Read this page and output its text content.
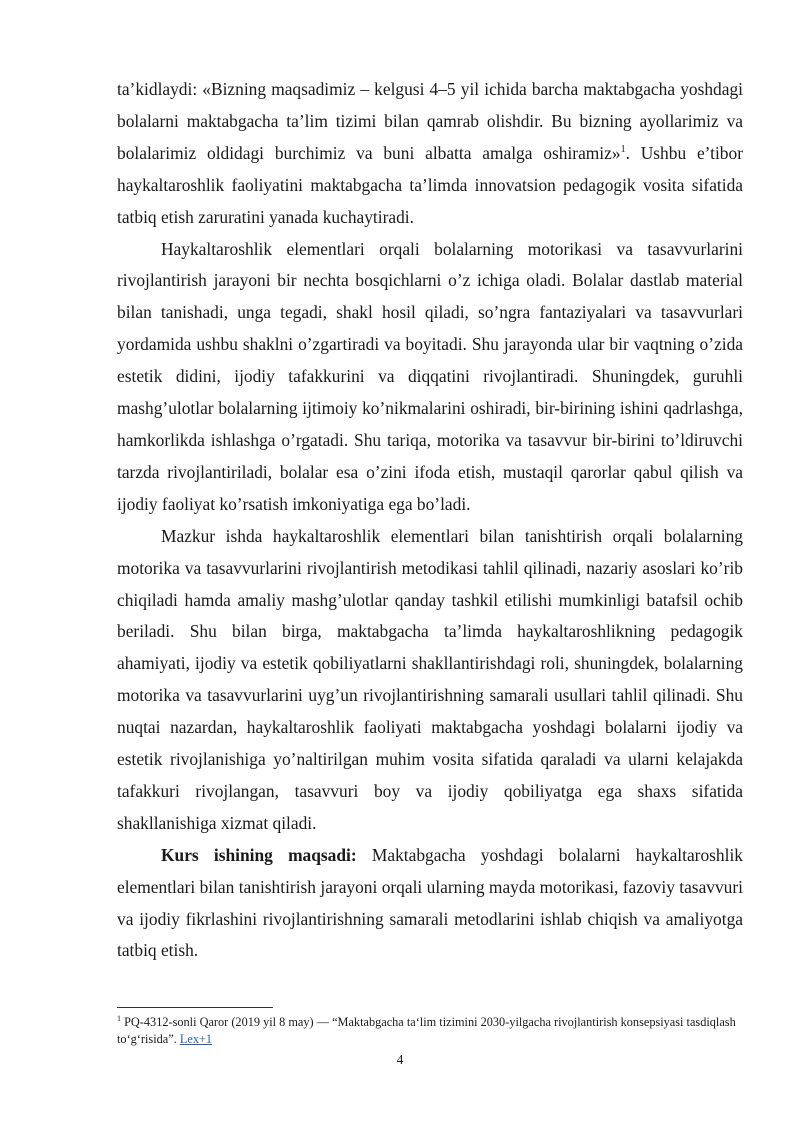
ta’kidlaydi: «Bizning maqsadimiz – kelgusi 4–5 yil ichida barcha maktabgacha yoshdagi bolalarni maktabgacha ta’lim tizimi bilan qamrab olishdir. Bu bizning ayollarimiz va bolalarimiz oldidagi burchimiz va buni albatta amalga oshiramiz»$^1$. Ushbu e’tibor haykaltaroshlik faoliyatini maktabgacha ta’limda innovatsion pedagogik vosita sifatida tatbiq etish zaruratini yanada kuchaytiradi.

Haykaltaroshlik elementlari orqali bolalarning motorikasi va tasavvurlarini rivojlantirish jarayoni bir nechta bosqichlarni o’z ichiga oladi. Bolalar dastlab material bilan tanishadi, unga tegadi, shakl hosil qiladi, so’ngra fantaziyalari va tasavvurlari yordamida ushbu shaklni o’zgartiradi va boyitadi. Shu jarayonda ular bir vaqtning o’zida estetik didini, ijodiy tafakkurini va diqqatini rivojlantiradi. Shuningdek, guruhli mashg’ulotlar bolalarning ijtimoiy ko’nikmalarini oshiradi, bir-birining ishini qadrlashga, hamkorlikda ishlashga o’rgatadi. Shu tariqa, motorika va tasavvur bir-birini to’ldiruvchi tarzda rivojlantiriladi, bolalar esa o’zini ifoda etish, mustaqil qarorlar qabul qilish va ijodiy faoliyat ko’rsatish imkoniyatiga ega bo’ladi.

Mazkur ishda haykaltaroshlik elementlari bilan tanishtirish orqali bolalarning motorika va tasavvurlarini rivojlantirish metodikasi tahlil qilinadi, nazariy asoslari ko’rib chiqiladi hamda amaliy mashg’ulotlar qanday tashkil etilishi mumkinligi batafsil ochib beriladi. Shu bilan birga, maktabgacha ta’limda haykaltaroshlikning pedagogik ahamiyati, ijodiy va estetik qobiliyatlarni shakllantirishdagi roli, shuningdek, bolalarning motorika va tasavvurlarini uyg’un rivojlantirishning samarali usullari tahlil qilinadi. Shu nuqtai nazardan, haykaltaroshlik faoliyati maktabgacha yoshdagi bolalarni ijodiy va estetik rivojlanishiga yo’naltirilgan muhim vosita sifatida qaraladi va ularni kelajakda tafakkuri rivojlangan, tasavvuri boy va ijodiy qobiliyatga ega shaxs sifatida shakllanishiga xizmat qiladi.

Kurs ishining maqsadi: Maktabgacha yoshdagi bolalarni haykaltaroshlik elementlari bilan tanishtirish jarayoni orqali ularning mayda motorikasi, fazoviy tasavvuri va ijodiy fikrlashini rivojlantirishning samarali metodlarini ishlab chiqish va amaliyotga tatbiq etish.

$^1$ PQ-4312-sonli Qaror (2019 yil 8 may) — “Maktabgacha ta‘lim tizimini 2030-yilgacha rivojlantirish konsepsiyasi tasdiqlash to‘g‘risida”. Lex+1
4
